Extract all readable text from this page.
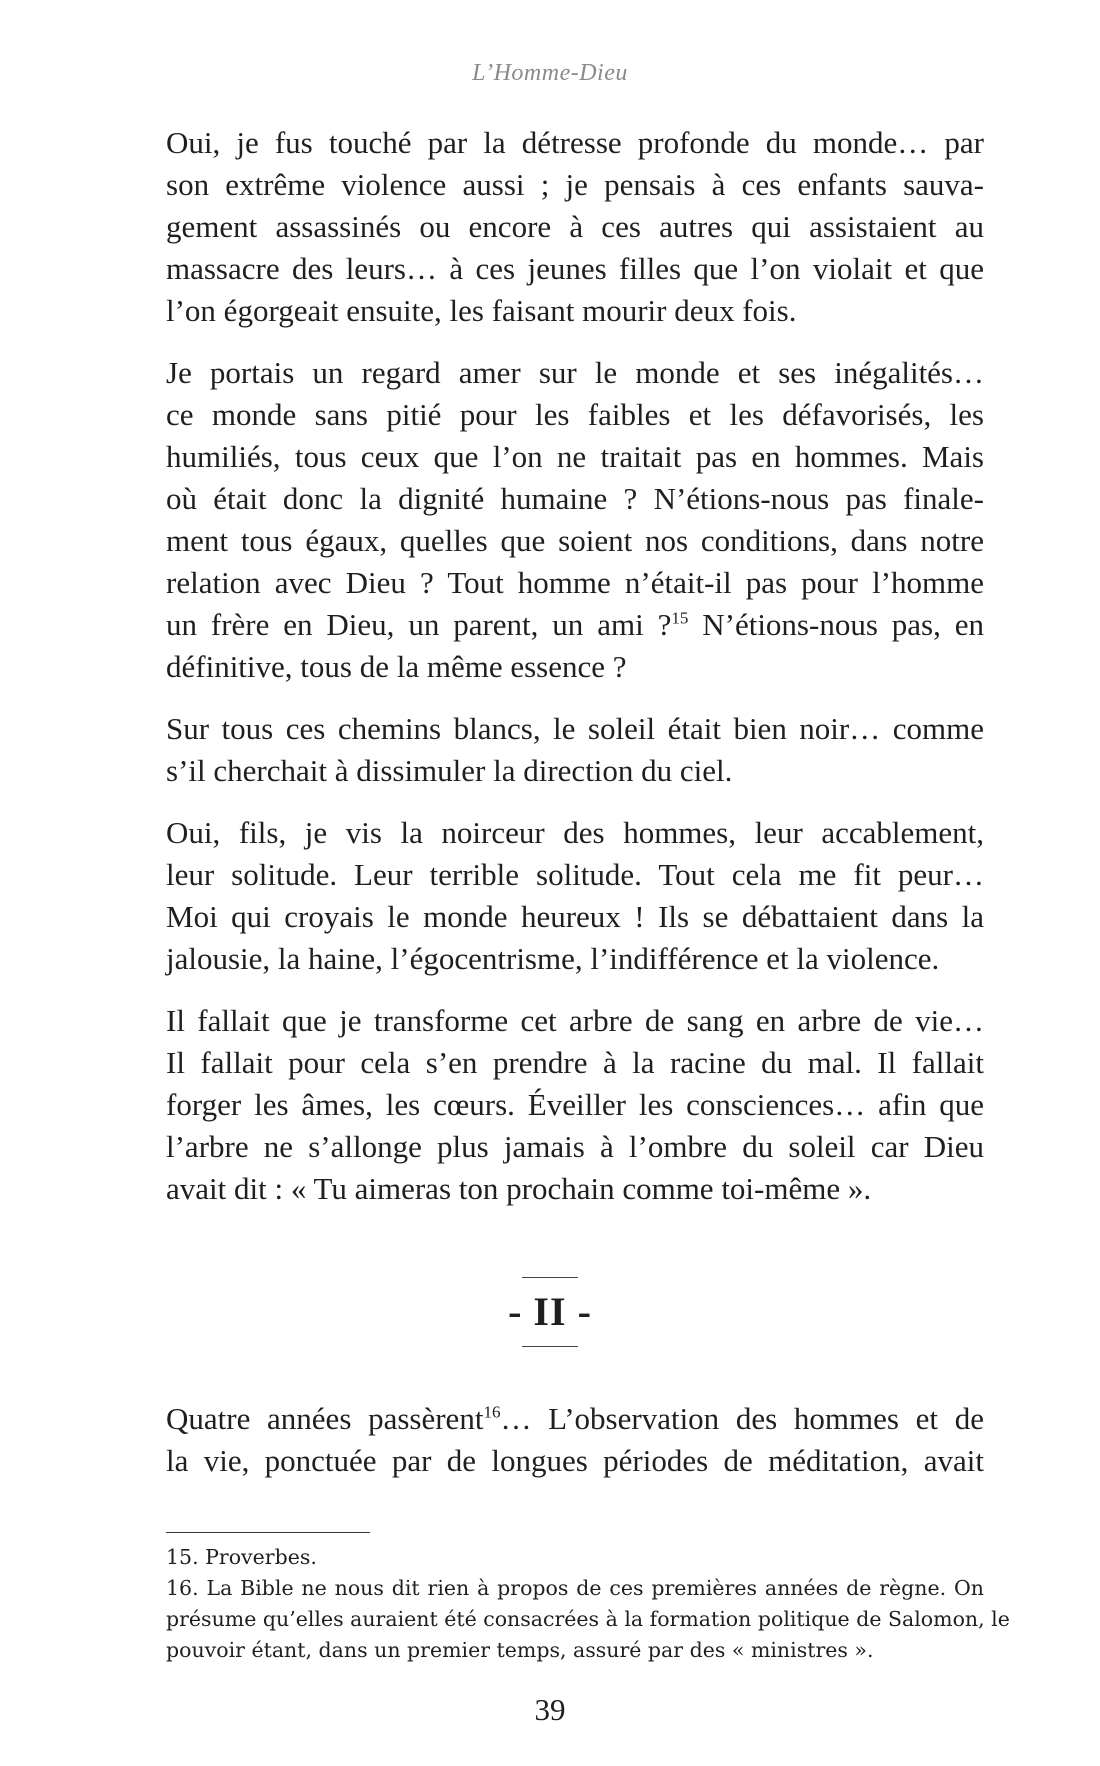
L’Homme-Dieu

Oui, je fus touché par la détresse profonde du monde… par
son extrême violence aussi ; je pensais à ces enfants sauva-
gement assassinés ou encore à ces autres qui assistaient au
massacre des leurs… à ces jeunes filles que l’on violait et que
l’on égorgeait ensuite, les faisant mourir deux fois.

Je portais un regard amer sur le monde et ses inégalités…
ce monde sans pitié pour les faibles et les défavorisés, les
humiliés, tous ceux que l’on ne traitait pas en hommes. Mais
où était donc la dignité humaine ? N’étions-nous pas finale-
ment tous égaux, quelles que soient nos conditions, dans notre
relation avec Dieu ? Tout homme n’était-il pas pour l’homme
un frère en Dieu, un parent, un ami ?$^{15}$ N’étions-nous pas, en
définitive, tous de la même essence ?

Sur tous ces chemins blancs, le soleil était bien noir… comme
s’il cherchait à dissimuler la direction du ciel.

Oui, fils, je vis la noirceur des hommes, leur accablement,
leur solitude. Leur terrible solitude. Tout cela me fit peur…
Moi qui croyais le monde heureux ! Ils se débattaient dans la
jalousie, la haine, l’égocentrisme, l’indifférence et la violence.

Il fallait que je transforme cet arbre de sang en arbre de vie…
Il fallait pour cela s’en prendre à la racine du mal. Il fallait
forger les âmes, les cœurs. Éveiller les consciences… afin que
l’arbre ne s’allonge plus jamais à l’ombre du soleil car Dieu
avait dit : « Tu aimeras ton prochain comme toi-même ».

- II -

Quatre années passèrent$^{16}$… L’observation des hommes et de
la vie, ponctuée par de longues périodes de méditation, avait

15. Proverbes.

16. La Bible ne nous dit rien à propos de ces premières années de règne. On
présume qu’elles auraient été consacrées à la formation politique de Salomon, le
pouvoir étant, dans un premier temps, assuré par des « ministres ».

39
